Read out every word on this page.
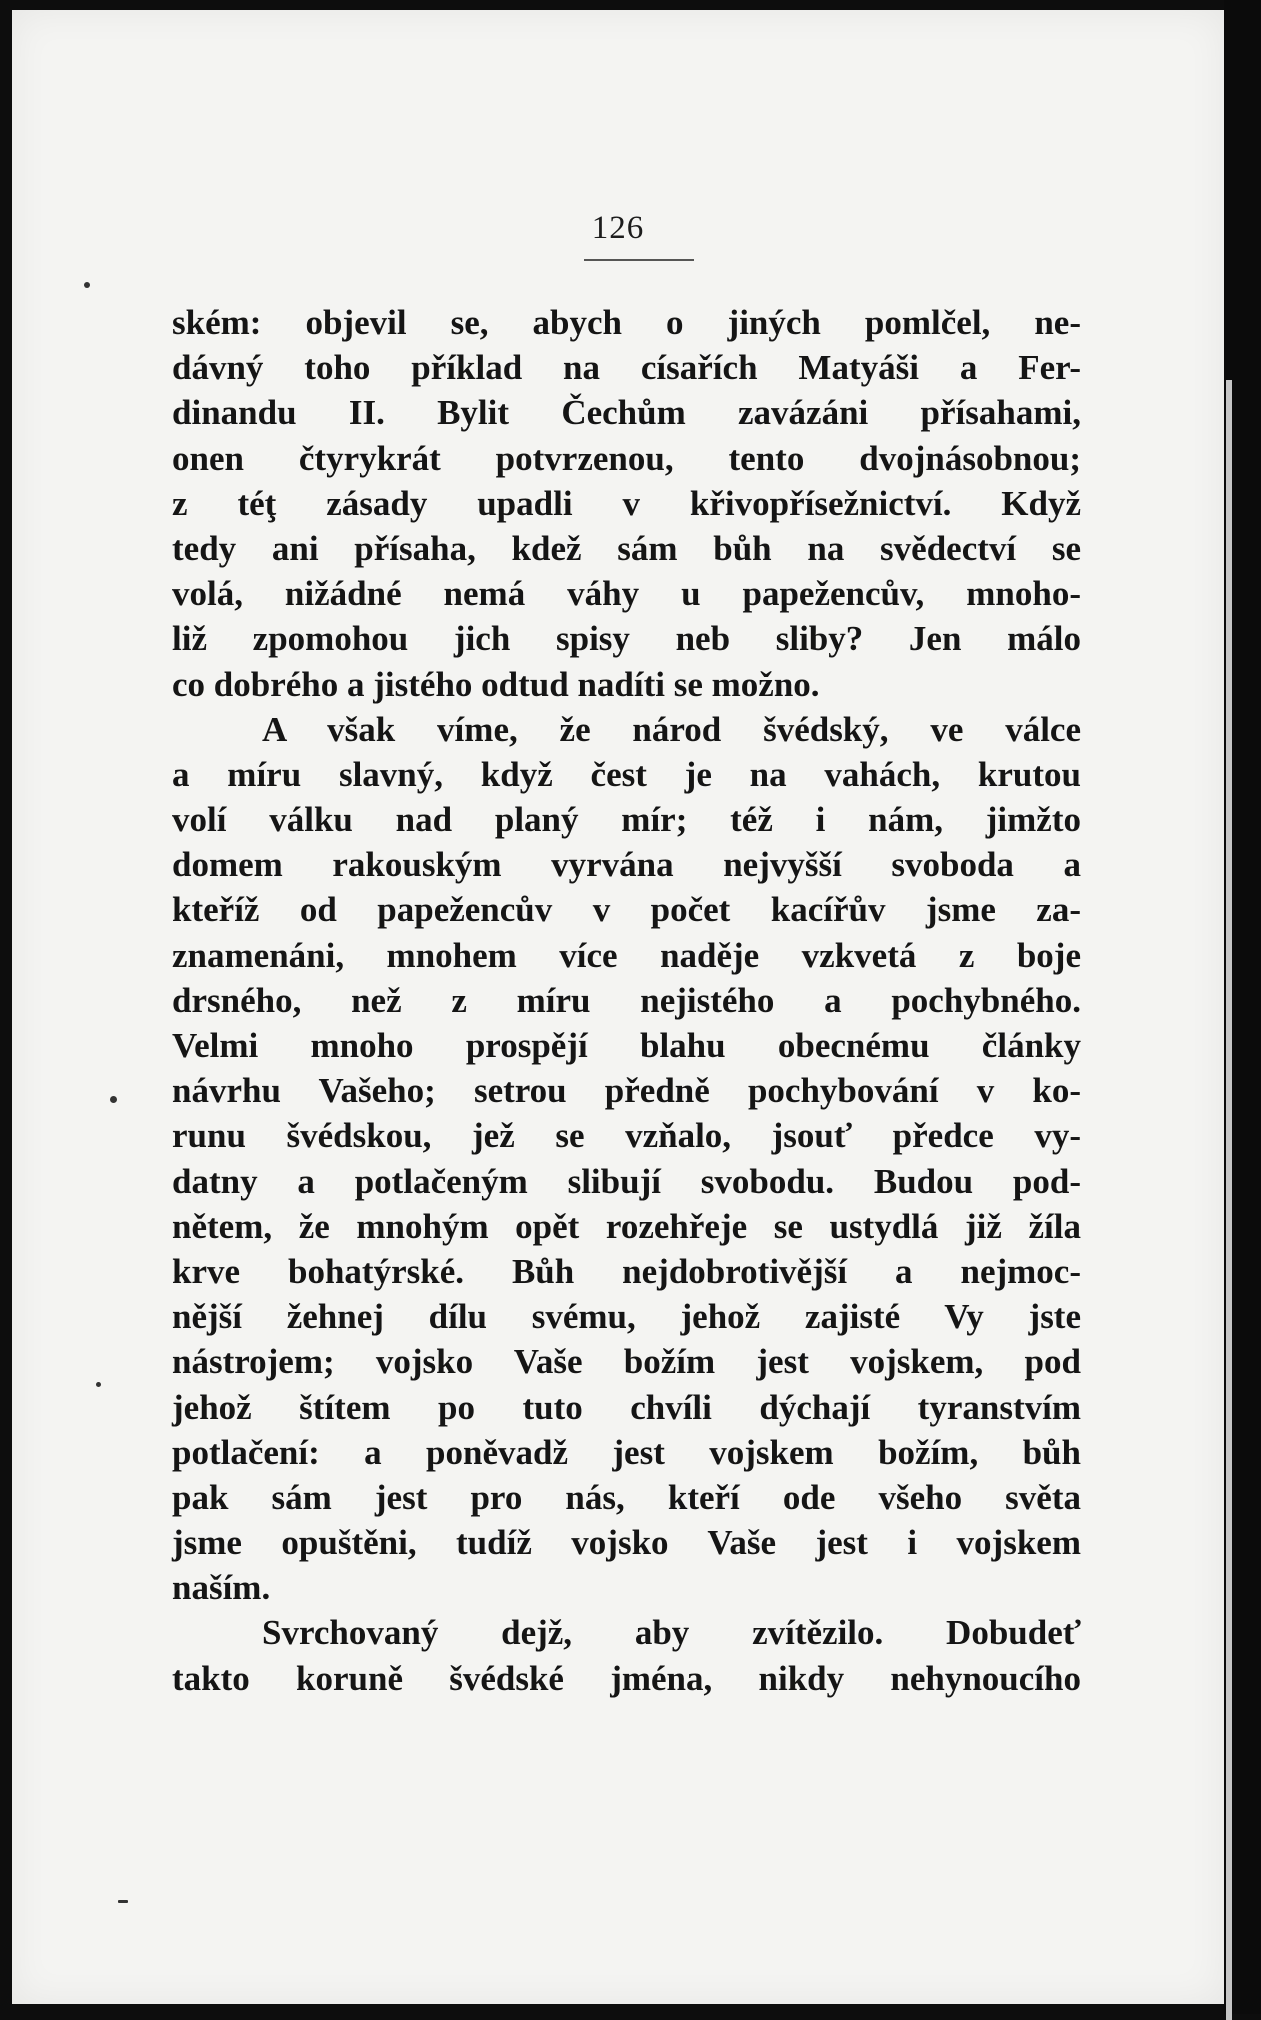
126
ském: objevil se, abych o jiných pomlčel, ne-
dávný toho příklad na císařích Matyáši a Fer-
dinandu II. Bylit Čechům zavázáni přísahami,
onen čtyrykrát potvrzenou, tento dvojnásobnou;
z téţ zásady upadli v křivopřísežnictví. Když
tedy ani přísaha, kdež sám bůh na svědectví se
volá, nižádné nemá váhy u papežencův, mnoho-
liž zpomohou jich spisy neb sliby? Jen málo
co dobrého a jistého odtud nadíti se možno.
A však víme, že národ švédský, ve válce
a míru slavný, když čest je na vahách, krutou
volí válku nad planý mír; též i nám, jimžto
domem rakouským vyrvána nejvyšší svoboda a
kteříž od papežencův v počet kacířův jsme za-
znamenáni, mnohem více naděje vzkvetá z boje
drsného, než z míru nejistého a pochybného.
Velmi mnoho prospějí blahu obecnému články
návrhu Vašeho; setrou předně pochybování v ko-
runu švédskou, jež se vzňalo, jsouť předce vy-
datny a potlačeným slibují svobodu. Budou pod-
nětem, že mnohým opět rozehřeje se ustydlá již žíla
krve bohatýrské. Bůh nejdobrotivější a nejmoc-
nější žehnej dílu svému, jehož zajisté Vy jste
nástrojem; vojsko Vaše božím jest vojskem, pod
jehož štítem po tuto chvíli dýchají tyranstvím
potlačení: a poněvadž jest vojskem božím, bůh
pak sám jest pro nás, kteří ode všeho světa
jsme opuštěni, tudíž vojsko Vaše jest i vojskem
naším.
Svrchovaný dejž, aby zvítězilo. Dobudeť
takto koruně švédské jména, nikdy nehynoucího
